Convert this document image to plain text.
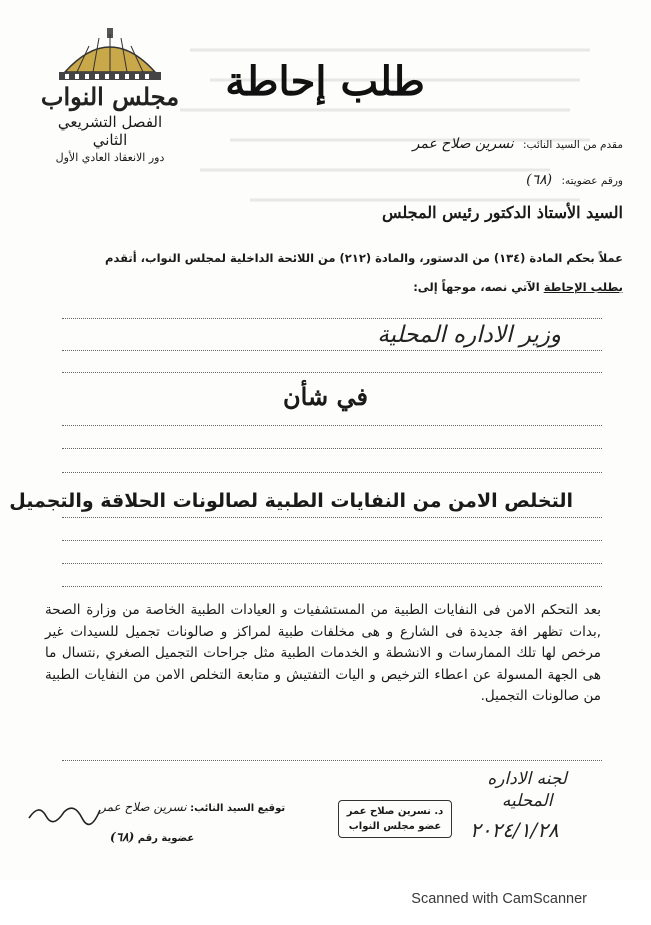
مجلس النواب
الفصل التشريعي الثاني
دور الانعقاد العادي الأول
طلب إحاطة
مقدم من السيد النائب: نسرين صلاح عمر
ورقم عضويته: (٦٨)
السيد الأستاذ الدكتور رئيس المجلس
عملاً بحكم المادة (١٣٤) من الدستور، والمادة (٢١٢) من اللائحة الداخلية لمجلس النواب، أتقدم
بطلب الإحاطة الآتي نصه، موجهاً إلى:
وزير الاداره المحلية
في شأن
التخلص الامن من النفايات الطبية لصالونات الحلاقة والتجميل
بعد التحكم الامن فى النفايات الطبية من المستشفيات و العيادات الطبية الخاصة من وزارة الصحة ,بدات تظهر افة جديدة فى الشارع و هى مخلفات طبية لمراكز و صالونات تجميل للسيدات غير مرخص لها تلك الممارسات و الانشطة و الخدمات الطبية مثل جراحات التجميل الصغري ,نتسال ما هى الجهة المسولة عن اعطاء الترخيص و اليات التفتيش و متابعة التخلص الامن من النفايات الطبية من صالونات التجميل.
لجنه الاداره
المحليه
٢٠٢٤/١/٢٨
د. نسرين صلاح عمر
عضو مجلس النواب
توقيع السيد النائب: نسرين صلاح عمر
عضوية رقم (٦٨)
Scanned with CamScanner
